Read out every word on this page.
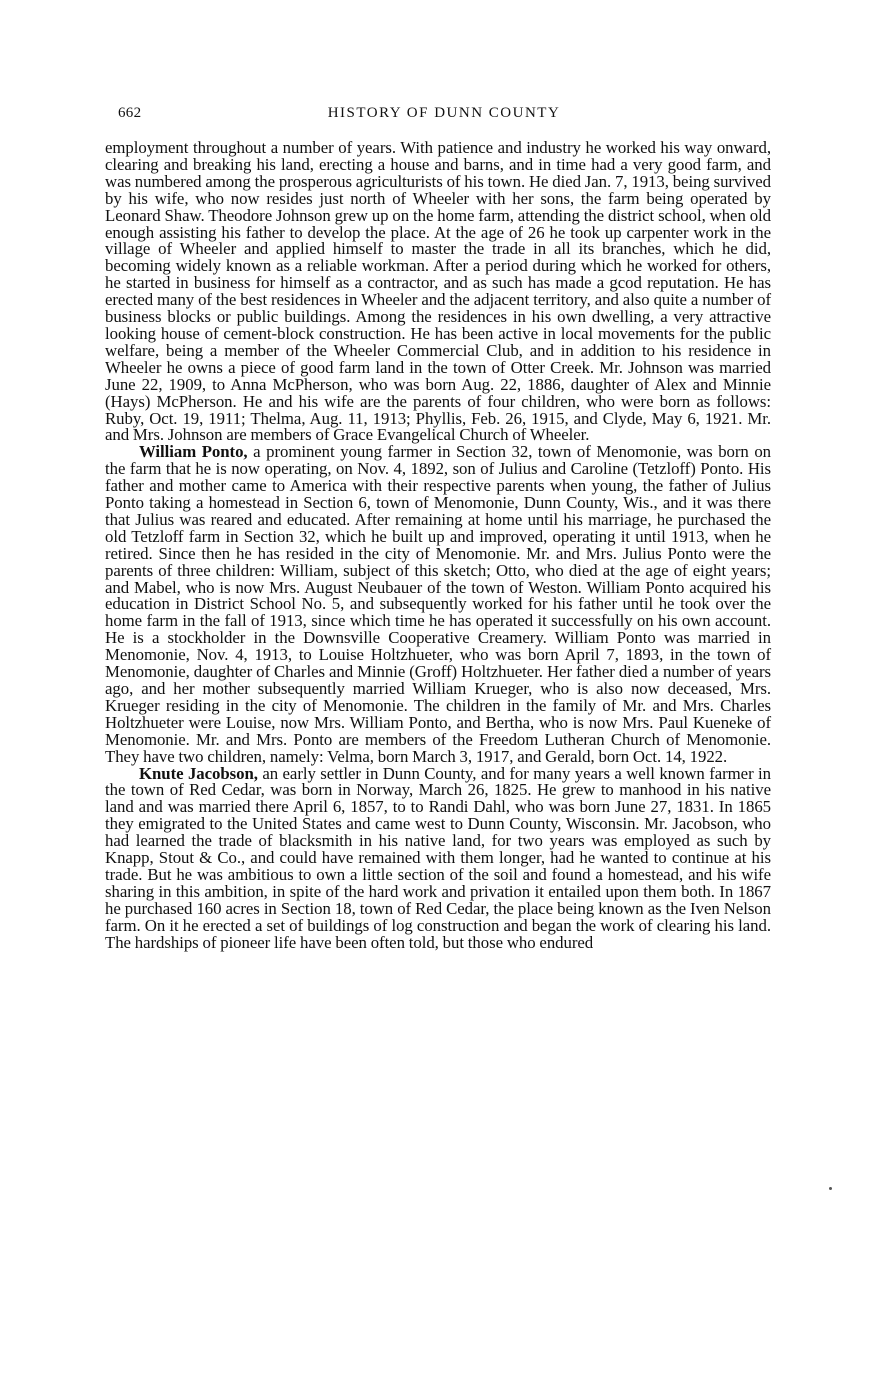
662	HISTORY OF DUNN COUNTY

employment throughout a number of years. With patience and industry he worked his way onward, clearing and breaking his land, erecting a house and barns, and in time had a very good farm, and was numbered among the prosperous agriculturists of his town. He died Jan. 7, 1913, being survived by his wife, who now resides just north of Wheeler with her sons, the farm being operated by Leonard Shaw. Theodore Johnson grew up on the home farm, attending the district school, when old enough assisting his father to develop the place. At the age of 26 he took up carpenter work in the village of Wheeler and applied himself to master the trade in all its branches, which he did, becoming widely known as a reliable workman. After a period during which he worked for others, he started in business for himself as a contractor, and as such has made a gcod reputation. He has erected many of the best residences in Wheeler and the adjacent territory, and also quite a number of business blocks or public buildings. Among the residences in his own dwelling, a very attractive looking house of cement-block construction. He has been active in local movements for the public welfare, being a member of the Wheeler Commercial Club, and in addition to his residence in Wheeler he owns a piece of good farm land in the town of Otter Creek. Mr. Johnson was married June 22, 1909, to Anna McPherson, who was born Aug. 22, 1886, daughter of Alex and Minnie (Hays) McPherson. He and his wife are the parents of four children, who were born as follows: Ruby, Oct. 19, 1911; Thelma, Aug. 11, 1913; Phyllis, Feb. 26, 1915, and Clyde, May 6, 1921. Mr. and Mrs. Johnson are members of Grace Evangelical Church of Wheeler.

William Ponto, a prominent young farmer in Section 32, town of Menomonie, was born on the farm that he is now operating, on Nov. 4, 1892, son of Julius and Caroline (Tetzloff) Ponto. His father and mother came to America with their respective parents when young, the father of Julius Ponto taking a homestead in Section 6, town of Menomonie, Dunn County, Wis., and it was there that Julius was reared and educated. After remaining at home until his marriage, he purchased the old Tetzloff farm in Section 32, which he built up and improved, operating it until 1913, when he retired. Since then he has resided in the city of Menomonie. Mr. and Mrs. Julius Ponto were the parents of three children: William, subject of this sketch; Otto, who died at the age of eight years; and Mabel, who is now Mrs. August Neubauer of the town of Weston. William Ponto acquired his education in District School No. 5, and subsequently worked for his father until he took over the home farm in the fall of 1913, since which time he has operated it successfully on his own account. He is a stockholder in the Downsville Cooperative Creamery. William Ponto was married in Menomonie, Nov. 4, 1913, to Louise Holtzhueter, who was born April 7, 1893, in the town of Menomonie, daughter of Charles and Minnie (Groff) Holtzhueter. Her father died a number of years ago, and her mother subsequently married William Krueger, who is also now deceased, Mrs. Krueger residing in the city of Menomonie. The children in the family of Mr. and Mrs. Charles Holtzhueter were Louise, now Mrs. William Ponto, and Bertha, who is now Mrs. Paul Kueneke of Menomonie. Mr. and Mrs. Ponto are members of the Freedom Lutheran Church of Menomonie. They have two children, namely: Velma, born March 3, 1917, and Gerald, born Oct. 14, 1922.

Knute Jacobson, an early settler in Dunn County, and for many years a well known farmer in the town of Red Cedar, was born in Norway, March 26, 1825. He grew to manhood in his native land and was married there April 6, 1857, to to Randi Dahl, who was born June 27, 1831. In 1865 they emigrated to the United States and came west to Dunn County, Wisconsin. Mr. Jacobson, who had learned the trade of blacksmith in his native land, for two years was employed as such by Knapp, Stout & Co., and could have remained with them longer, had he wanted to continue at his trade. But he was ambitious to own a little section of the soil and found a homestead, and his wife sharing in this ambition, in spite of the hard work and privation it entailed upon them both. In 1867 he purchased 160 acres in Section 18, town of Red Cedar, the place being known as the Iven Nelson farm. On it he erected a set of buildings of log construction and began the work of clearing his land. The hardships of pioneer life have been often told, but those who endured
